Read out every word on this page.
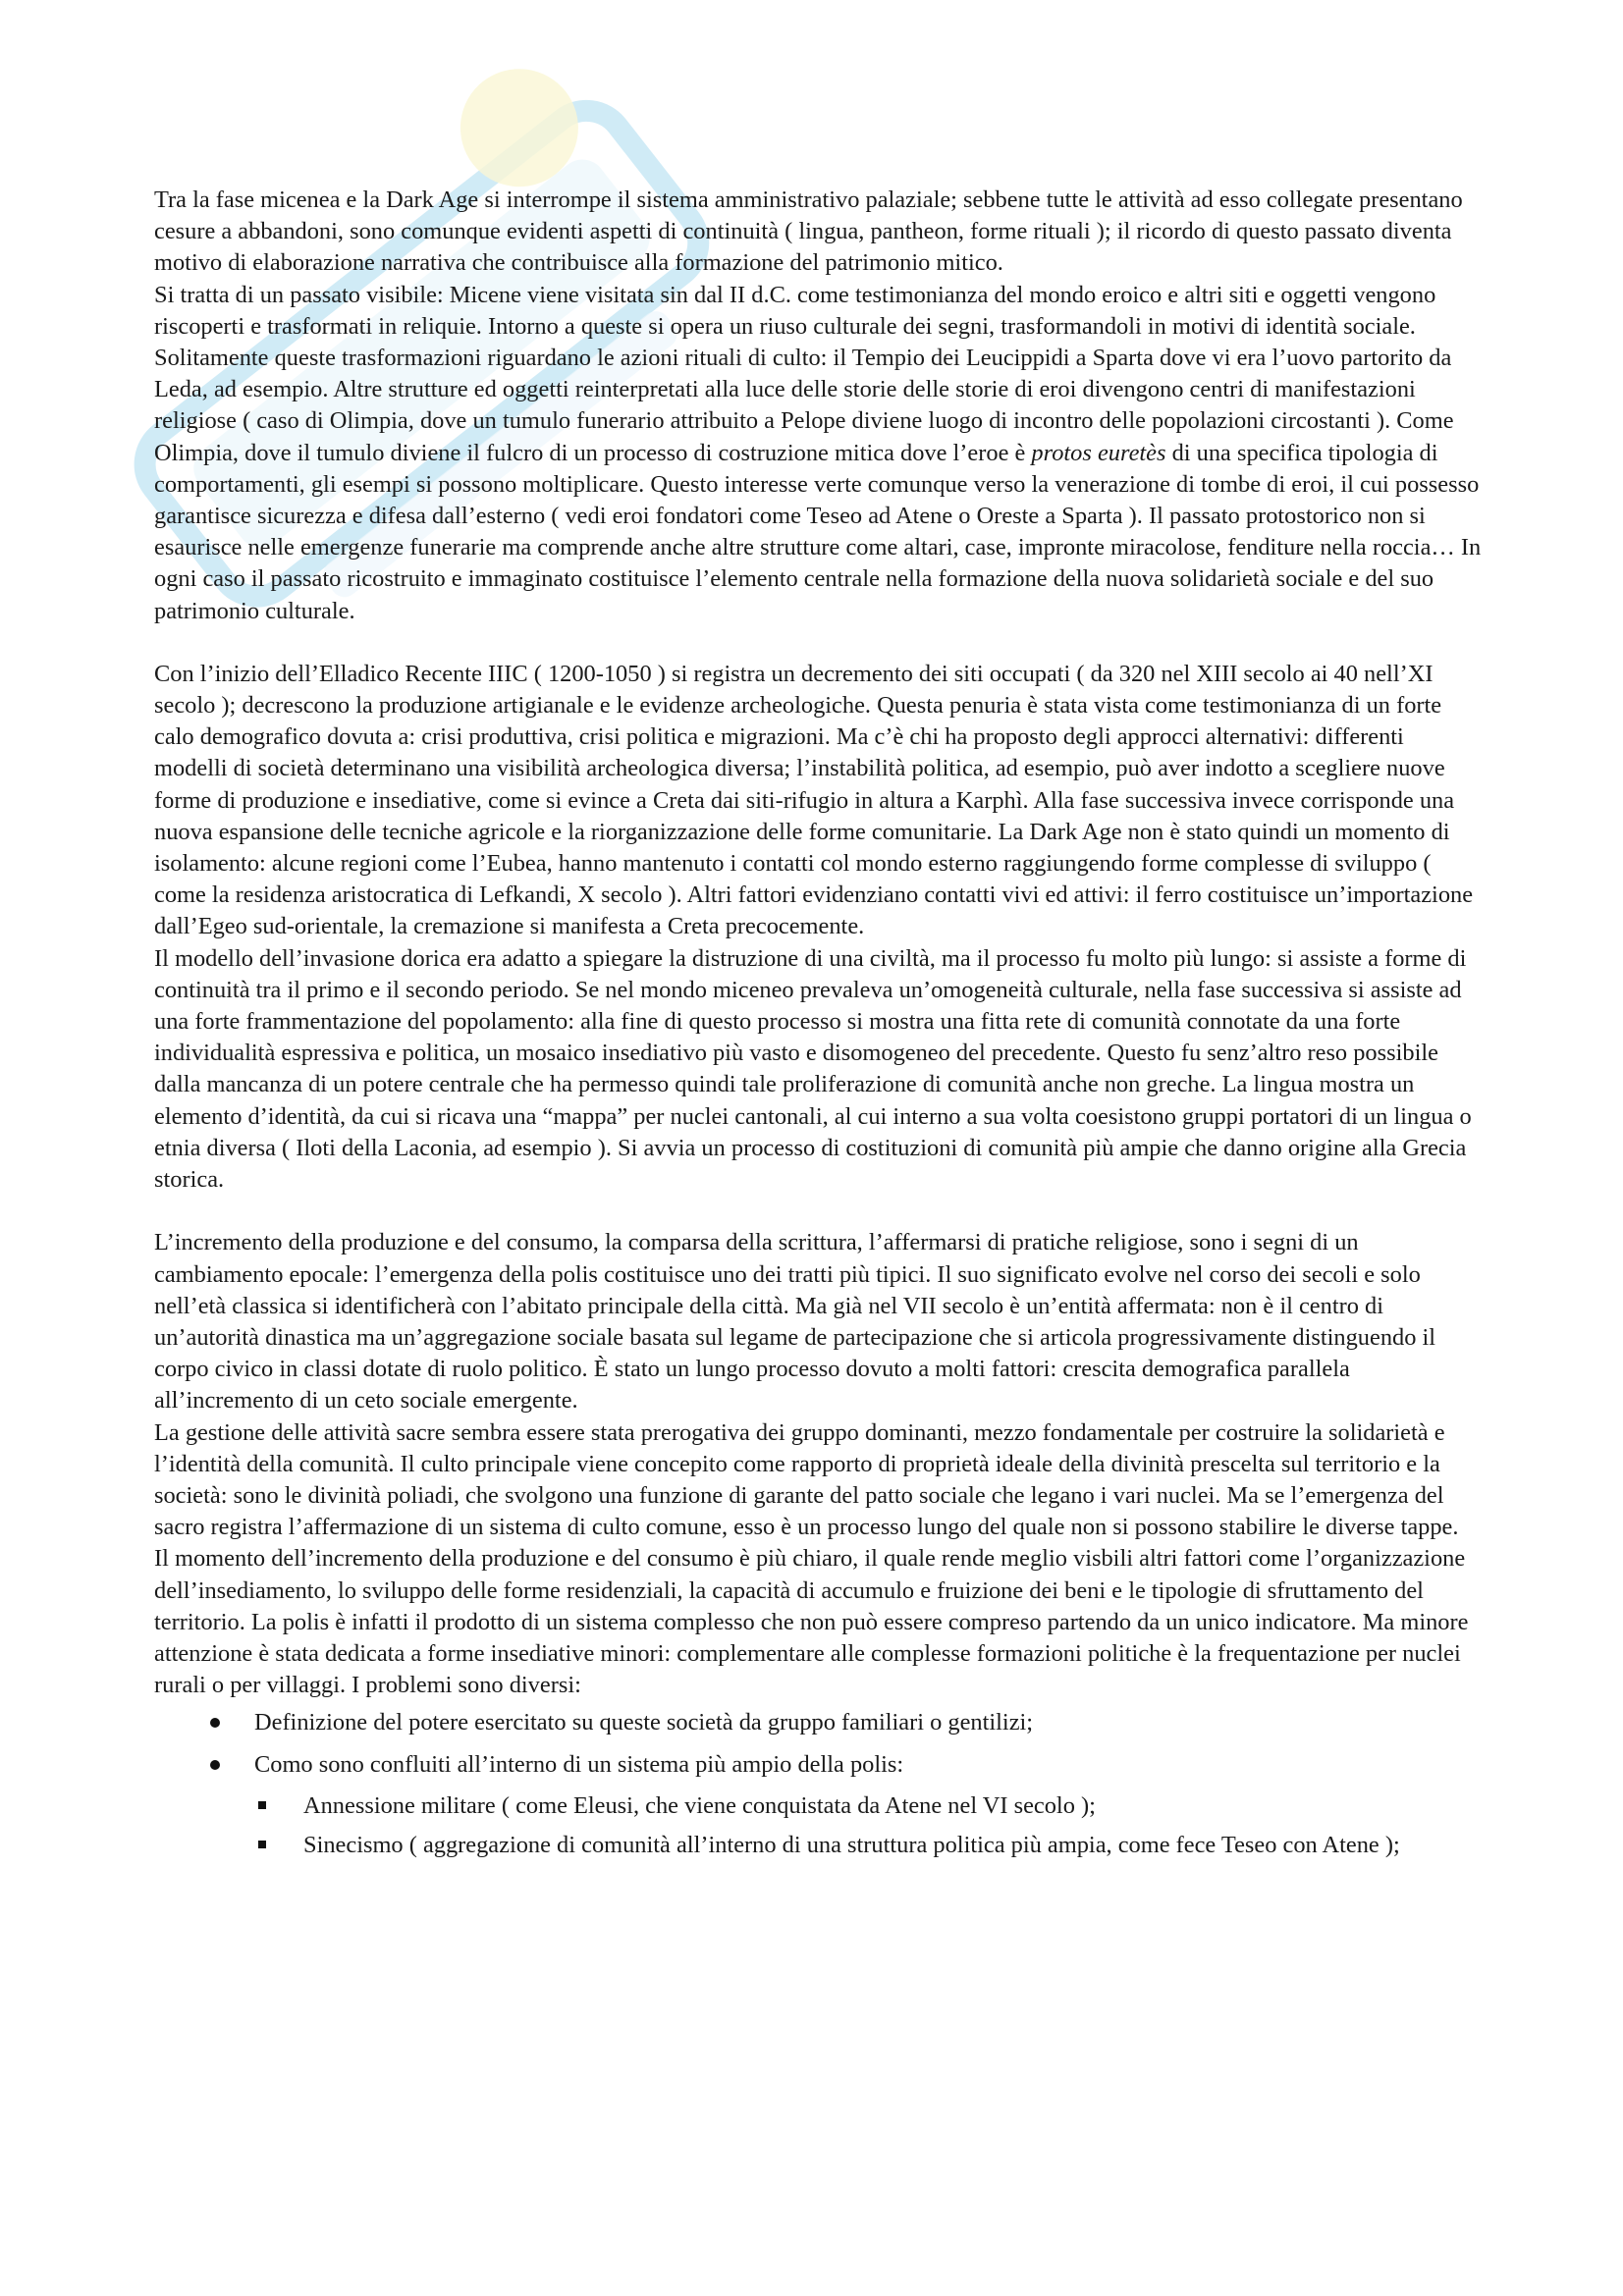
Tra la fase micenea e la Dark Age si interrompe il sistema amministrativo palaziale; sebbene tutte le attività ad esso collegate presentano cesure a abbandoni, sono comunque evidenti aspetti di continuità ( lingua, pantheon, forme rituali ); il ricordo di questo passato diventa motivo di elaborazione narrativa che contribuisce alla formazione del patrimonio mitico.

Si tratta di un passato visibile: Micene viene visitata sin dal II d.C. come testimonianza del mondo eroico e altri siti e oggetti vengono riscoperti e trasformati in reliquie. Intorno a queste si opera un riuso culturale dei segni, trasformandoli in motivi di identità sociale.

Solitamente queste trasformazioni riguardano le azioni rituali di culto: il Tempio dei Leucippidi a Sparta dove vi era l’uovo partorito da Leda, ad esempio. Altre strutture ed oggetti reinterpretati alla luce delle storie delle storie di eroi divengono centri di manifestazioni religiose ( caso di Olimpia, dove un tumulo funerario attribuito a Pelope diviene luogo di incontro delle popolazioni circostanti ). Come Olimpia, dove il tumulo diviene il fulcro di un processo di costruzione mitica dove l’eroe è protos euretès di una specifica tipologia di comportamenti, gli esempi si possono moltiplicare. Questo interesse verte comunque verso la venerazione di tombe di eroi, il cui possesso garantisce sicurezza e difesa dall’esterno ( vedi eroi fondatori come Teseo ad Atene o Oreste a Sparta ). Il passato protostorico non si esaurisce nelle emergenze funerarie ma comprende anche altre strutture come altari, case, impronte miracolose, fenditure nella roccia… In ogni caso il passato ricostruito e immaginato costituisce l’elemento centrale nella formazione della nuova solidarietà sociale e del suo patrimonio culturale.

Con l’inizio dell’Elladico Recente IIIC ( 1200-1050 ) si registra un decremento dei siti occupati ( da 320 nel XIII secolo ai 40 nell’XI secolo ); decrescono la produzione artigianale e le evidenze archeologiche. Questa penuria è stata vista come testimonianza di un forte calo demografico dovuta a: crisi produttiva, crisi politica e migrazioni. Ma c’è chi ha proposto degli approcci alternativi: differenti modelli di società determinano una visibilità archeologica diversa; l’instabilità politica, ad esempio, può aver indotto a scegliere nuove forme di produzione e insediative, come si evince a Creta dai siti-rifugio in altura a Karphì. Alla fase successiva invece corrisponde una nuova espansione delle tecniche agricole e la riorganizzazione delle forme comunitarie. La Dark Age non è stato quindi un momento di isolamento: alcune regioni come l’Eubea, hanno mantenuto i contatti col mondo esterno raggiungendo forme complesse di sviluppo ( come la residenza aristocratica di Lefkandi, X secolo ). Altri fattori evidenziano contatti vivi ed attivi: il ferro costituisce un’importazione dall’Egeo sud-orientale, la cremazione si manifesta a Creta precocemente.

Il modello dell’invasione dorica era adatto a spiegare la distruzione di una civiltà, ma il processo fu molto più lungo: si assiste a forme di continuità tra il primo e il secondo periodo. Se nel mondo miceneo prevaleva un’omogeneità culturale, nella fase successiva si assiste ad una forte frammentazione del popolamento: alla fine di questo processo si mostra una fitta rete di comunità connotate da una forte individualità espressiva e politica, un mosaico insediativo più vasto e disomogeneo del precedente. Questo fu senz’altro reso possibile dalla mancanza di un potere centrale che ha permesso quindi tale proliferazione di comunità anche non greche. La lingua mostra un elemento d’identità, da cui si ricava una “mappa” per nuclei cantonali, al cui interno a sua volta coesistono gruppi portatori di un lingua o etnia diversa ( Iloti della Laconia, ad esempio ). Si avvia un processo di costituzioni di comunità più ampie che danno origine alla Grecia storica.

L’incremento della produzione e del consumo, la comparsa della scrittura, l’affermarsi di pratiche religiose, sono i segni di un cambiamento epocale: l’emergenza della polis costituisce uno dei tratti più tipici. Il suo significato evolve nel corso dei secoli e solo nell’età classica si identificherà con l’abitato principale della città. Ma già nel VII secolo è un’entità affermata: non è il centro di un’autorità dinastica ma un’aggregazione sociale basata sul legame de partecipazione che si articola progressivamente distinguendo il corpo civico in classi dotate di ruolo politico. È stato un lungo processo dovuto a molti fattori: crescita demografica parallela all’incremento di un ceto sociale emergente.

La gestione delle attività sacre sembra essere stata prerogativa dei gruppo dominanti, mezzo fondamentale per costruire la solidarietà e l’identità della comunità. Il culto principale viene concepito come rapporto di proprietà ideale della divinità prescelta sul territorio e la società: sono le divinità poliadi, che svolgono una funzione di garante del patto sociale che legano i vari nuclei. Ma se l’emergenza del sacro registra l’affermazione di un sistema di culto comune, esso è un processo lungo del quale non si possono stabilire le diverse tappe.

Il momento dell’incremento della produzione e del consumo è più chiaro, il quale rende meglio visbili altri fattori come l’organizzazione dell’insediamento, lo sviluppo delle forme residenziali, la capacità di accumulo e fruizione dei beni e le tipologie di sfruttamento del territorio. La polis è infatti il prodotto di un sistema complesso che non può essere compreso partendo da un unico indicatore. Ma minore attenzione è stata dedicata a forme insediative minori: complementare alle complesse formazioni politiche è la frequentazione per nuclei rurali o per villaggi. I problemi sono diversi:

Definizione del potere esercitato su queste società da gruppo familiari o gentilizi;
Como sono confluiti all’interno di un sistema più ampio della polis:
Annessione militare ( come Eleusi, che viene conquistata da Atene nel VI secolo );
Sinecismo ( aggregazione di comunità all’interno di una struttura politica più ampia, come fece Teseo con Atene );
